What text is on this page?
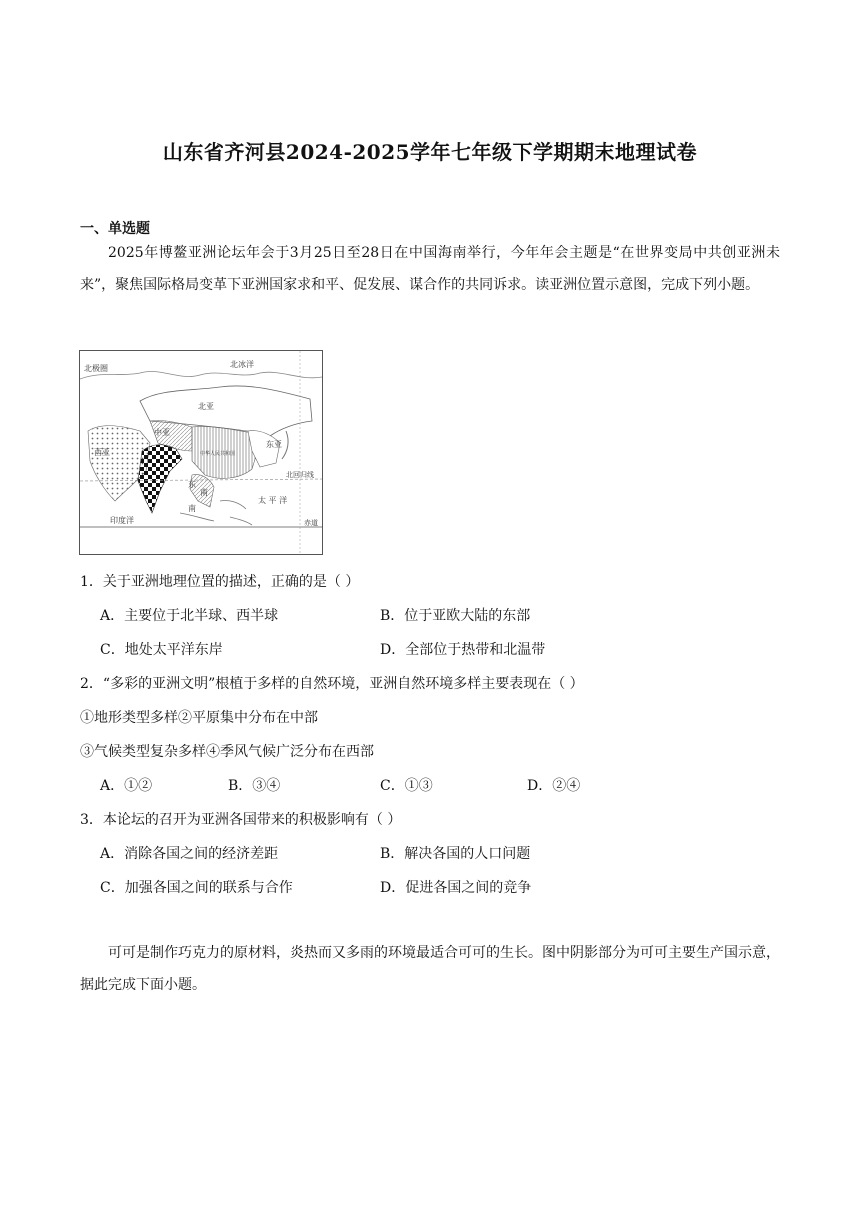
山东省齐河县2024-2025学年七年级下学期期末地理试卷
一、单选题

2025年博鳌亚洲论坛年会于3月25日至28日在中国海南举行，今年年会主题是“在世界变局中共创亚洲未来”，聚焦国际格局变革下亚洲国家求和平、促发展、谋合作的共同诉求。读亚洲位置示意图，完成下列小题。

北极圈	北冰洋
北亚
中亚
西亚
东亚
中华人民共和国
北回归线
东
南
南
太 平 洋
印度洋	赤道
1．关于亚洲地理位置的描述，正确的是（ ）
A．主要位于北半球、西半球	B．位于亚欧大陆的东部
C．地处太平洋东岸	D．全部位于热带和北温带
2．“多彩的亚洲文明”根植于多样的自然环境，亚洲自然环境多样主要表现在（ ）
①地形类型多样②平原集中分布在中部
③气候类型复杂多样④季风气候广泛分布在西部
A．①②	B．③④	C．①③	D．②④
3．本论坛的召开为亚洲各国带来的积极影响有（ ）
A．消除各国之间的经济差距	B．解决各国的人口问题
C．加强各国之间的联系与合作	D．促进各国之间的竞争

可可是制作巧克力的原材料，炎热而又多雨的环境最适合可可的生长。图中阴影部分为可可主要生产国示意，据此完成下面小题。
